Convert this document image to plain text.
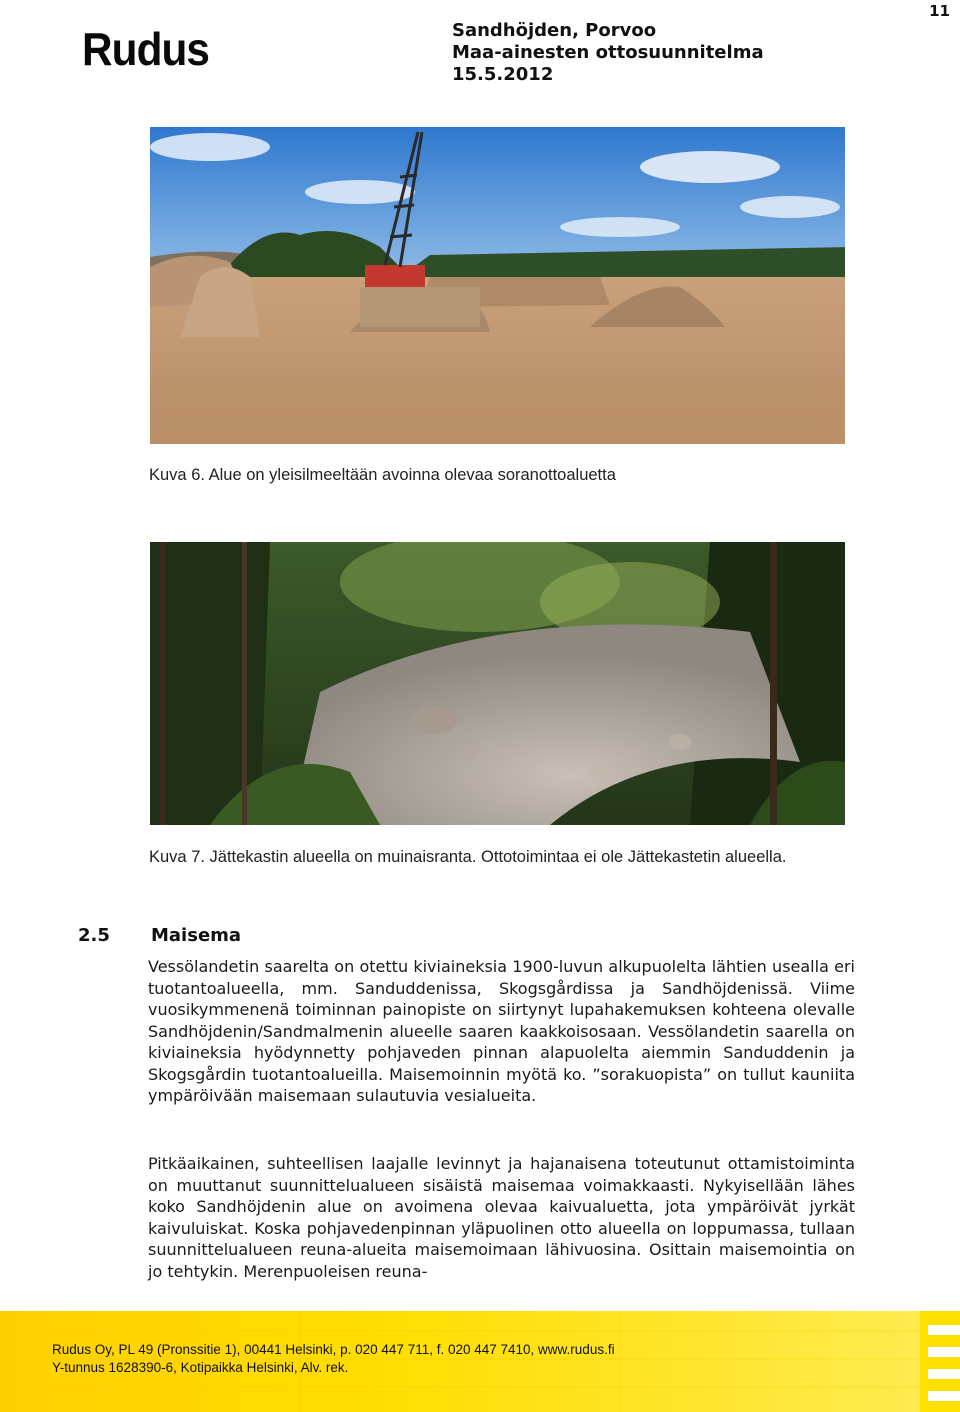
11
Rudus	Sandhöjden, Porvoo
Maa-ainesten ottosuunnitelma
15.5.2012
Kuva 6. Alue on yleisilmeeltään avoinna olevaa soranottoaluetta
Kuva 7. Jättekastin alueella on muinaisranta. Ottotoimintaa ei ole Jättekastetin alueella.
2.5 Maisema
Vessölandetin saarelta on otettu kiviaineksia 1900-luvun alkupuolelta lähtien usealla eri tuotantoalueella, mm. Sanduddenissa, Skogsgårdissa ja Sandhöjdenissä. Viime vuosikymmenenä toiminnan painopiste on siirtynyt lupahakemuksen kohteena olevalle Sandhöjdenin/Sandmalmenin alueelle saaren kaakkoisosaan. Vessölandetin saarella on kiviaineksia hyödynnetty pohjaveden pinnan alapuolelta aiemmin Sanduddenin ja Skogsgårdin tuotantoalueilla. Maisemoinnin myötä ko. ”sorakuopista” on tullut kauniita ympäröivään maisemaan sulautuvia vesialueita.
Pitkäaikainen, suhteellisen laajalle levinnyt ja hajanaisena toteutunut ottamistoiminta on muuttanut suunnittelualueen sisäistä maisemaa voimakkaasti. Nykyisellään lähes koko Sandhöjdenin alue on avoimena olevaa kaivualuetta, jota ympäröivät jyrkät kaivuluiskat. Koska pohjavedenpinnan yläpuolinen otto alueella on loppumassa, tullaan suunnittelualueen reuna-alueita maisemoimaan lähivuosina. Osittain maisemointia on jo tehtykin. Merenpuoleisen reuna-
Rudus Oy, PL 49 (Pronssitie 1), 00441 Helsinki, p. 020 447 711, f. 020 447 7410, www.rudus.fi
Y-tunnus 1628390-6, Kotipaikka Helsinki, Alv. rek.
